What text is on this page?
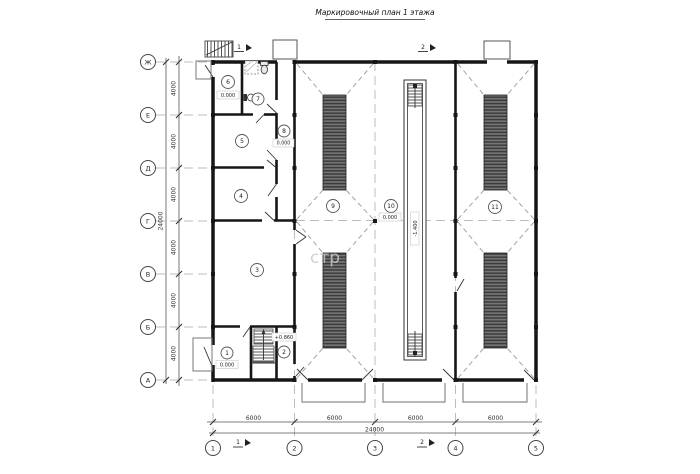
Маркировочный план 1 этажа
4000
4000
4000
4000
4000
4000
24000
6000	6000	6000	6000
24000
Ж
Е
Д
Г
В
Б
А
1	2	3	4	5
1	2
1	2
стр
1
0.000
2
+0.860
3
4
5
6
0.000
7
8
0.000
9	10
0.000
-1.400
11
